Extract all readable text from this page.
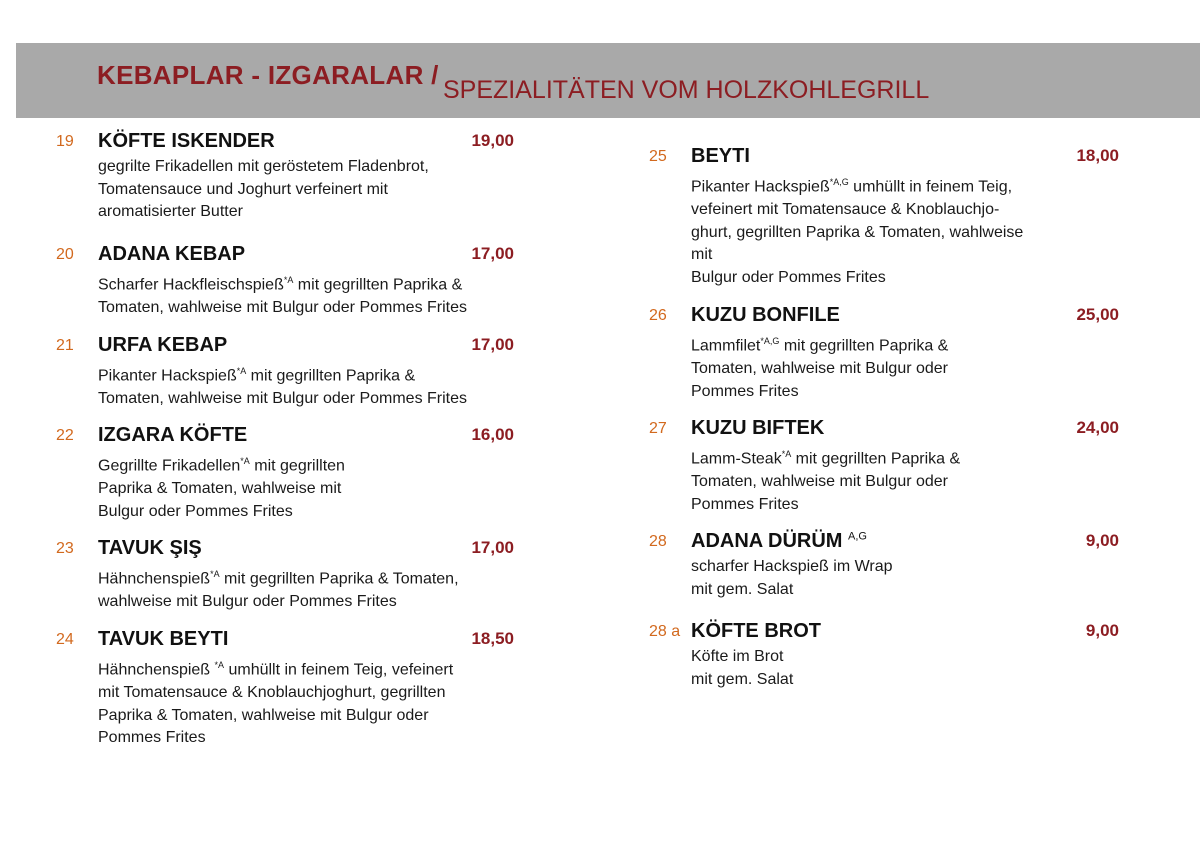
KEBAPLAR - IZGARALAR / SPEZIALITÄTEN VOM HOLZKOHLEGRILL
19 KÖFTE ISKENDER	19,00
gegrilte Frikadellen mit geröstetem Fladenbrot,
Tomatensauce und Joghurt verfeinert mit
aromatisierter Butter
20 ADANA KEBAP	17,00
Scharfer Hackfleischspieß$^{*A}$ mit gegrillten Paprika &
Tomaten, wahlweise mit Bulgur oder Pommes Frites
21 URFA KEBAP	17,00
Pikanter Hackspieß$^{*A}$ mit gegrillten Paprika &
Tomaten, wahlweise mit Bulgur oder Pommes Frites
22 IZGARA KÖFTE	16,00
Gegrillte Frikadellen$^{*A}$ mit gegrillten
Paprika & Tomaten, wahlweise mit
Bulgur oder Pommes Frites
23 TAVUK ŞIŞ	17,00
Hähnchenspieß$^{*A}$ mit gegrillten Paprika & Tomaten,
wahlweise mit Bulgur oder Pommes Frites
24 TAVUK BEYTI	18,50
Hähnchenspieß $^{*A}$ umhüllt in feinem Teig, vefeinert
mit Tomatensauce & Knoblauchjoghurt, gegrillten
Paprika & Tomaten, wahlweise mit Bulgur oder
Pommes Frites
25 BEYTI	18,00
Pikanter Hackspieß$^{*A,G}$ umhüllt in feinem Teig,
vefeinert mit Tomatensauce & Knoblauchjo-
ghurt, gegrillten Paprika & Tomaten, wahlweise
mit
Bulgur oder Pommes Frites
26 KUZU BONFILE	25,00
Lammfilet$^{*A,G}$ mit gegrillten Paprika &
Tomaten, wahlweise mit Bulgur oder
Pommes Frites
27 KUZU BIFTEK	24,00
Lamm-Steak$^{*A}$ mit gegrillten Paprika &
Tomaten, wahlweise mit Bulgur oder
Pommes Frites
28 ADANA DÜRÜM $^{A,G}$	9,00
scharfer Hackspieß im Wrap
mit gem. Salat
28 a KÖFTE BROT	9,00
Köfte im Brot
mit gem. Salat
